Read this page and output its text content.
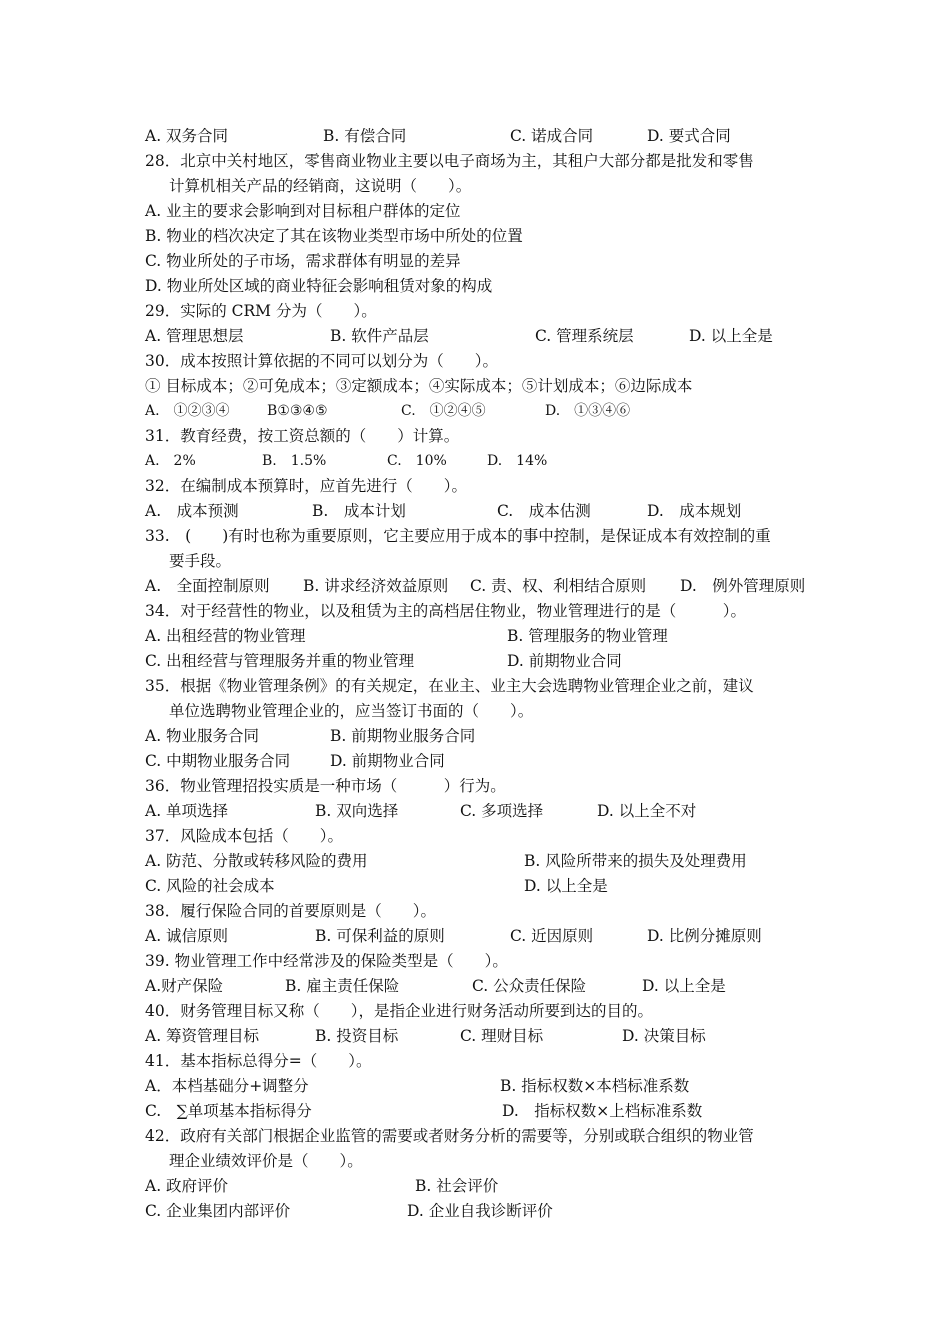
A. 双务合同	B. 有偿合同	C. 诺成合同	D. 要式合同
28．北京中关村地区，零售商业物业主要以电子商场为主，其租户大部分都是批发和零售
计算机相关产品的经销商，这说明（　　）。
A. 业主的要求会影响到对目标租户群体的定位
B. 物业的档次决定了其在该物业类型市场中所处的位置
C. 物业所处的子市场，需求群体有明显的差异
D. 物业所处区域的商业特征会影响租赁对象的构成
29．实际的 CRM 分为（　　）。
A. 管理思想层	B. 软件产品层	C. 管理系统层	D. 以上全是
30．成本按照计算依据的不同可以划分为（　　）。
① 目标成本；②可免成本；③定额成本；④实际成本；⑤计划成本；⑥边际成本
A.　①②③④	B①③④⑤	C.　①②④⑤	D.　①③④⑥
31．教育经费，按工资总额的（　　）计算。
A.　2%	B.　1.5%	C.　10%	D.　14%
32．在编制成本预算时，应首先进行（　　）。
A.　成本预测	B.　成本计划	C.　成本估测	D.　成本规划
33.　(　　)有时也称为重要原则，它主要应用于成本的事中控制，是保证成本有效控制的重
要手段。
A.　全面控制原则 B. 讲求经济效益原则 C. 责、权、利相结合原则 D.　例外管理原则
34．对于经营性的物业，以及租赁为主的高档居住物业，物业管理进行的是（　　　）。
A. 出租经营的物业管理	B. 管理服务的物业管理
C. 出租经营与管理服务并重的物业管理	D. 前期物业合同
35．根据《物业管理条例》的有关规定，在业主、业主大会选聘物业管理企业之前，建议
单位选聘物业管理企业的，应当签订书面的（　　）。
A. 物业服务合同	B. 前期物业服务合同
C. 中期物业服务合同	D. 前期物业合同
36．物业管理招投实质是一种市场（　　　）行为。
A. 单项选择	B. 双向选择	C. 多项选择	D. 以上全不对
37．风险成本包括（　　）。
A. 防范、分散或转移风险的费用	B. 风险所带来的损失及处理费用
C. 风险的社会成本	D. 以上全是
38．履行保险合同的首要原则是（　　）。
A. 诚信原则	B. 可保利益的原则	C. 近因原则	D. 比例分摊原则
39. 物业管理工作中经常涉及的保险类型是（　　）。
A.财产保险	B. 雇主责任保险	C. 公众责任保险	D. 以上全是
40．财务管理目标又称（　　），是指企业进行财务活动所要到达的目的。
A. 筹资管理目标	B. 投资目标	C. 理财目标	D. 决策目标
41．基本指标总得分=（　　）。
A．本档基础分+调整分	B. 指标权数×本档标准系数
C.　∑单项基本指标得分	D.　指标权数×上档标准系数
42．政府有关部门根据企业监管的需要或者财务分析的需要等，分别或联合组织的物业管
理企业绩效评价是（　　）。
A. 政府评价	B. 社会评价
C. 企业集团内部评价	D. 企业自我诊断评价
